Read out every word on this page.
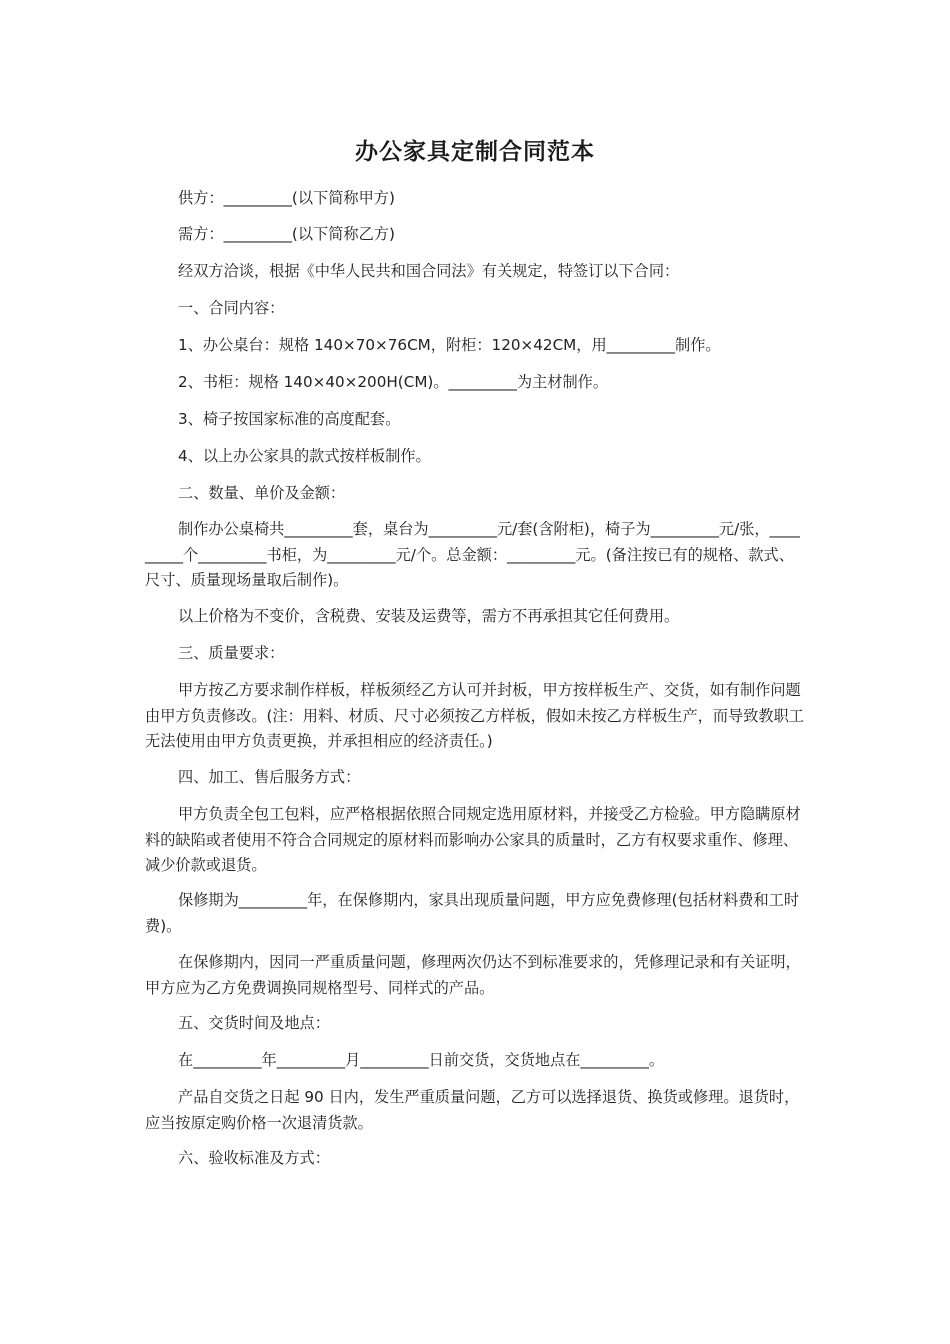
办公家具定制合同范本

供方：_________(以下简称甲方)

需方：_________(以下简称乙方)

经双方洽谈，根据《中华人民共和国合同法》有关规定，特签订以下合同：

一、合同内容：

1、办公桌台：规格 140×70×76CM，附柜：120×42CM，用_________制作。

2、书柜：规格 140×40×200H(CM)。_________为主材制作。

3、椅子按国家标准的高度配套。

4、以上办公家具的款式按样板制作。

二、数量、单价及金额：

制作办公桌椅共_________套，桌台为_________元/套(含附柜)，椅子为_________元/张，_________个_________书柜，为_________元/个。总金额：_________元。(备注按已有的规格、款式、尺寸、质量现场量取后制作)。

以上价格为不变价，含税费、安装及运费等，需方不再承担其它任何费用。

三、质量要求：

甲方按乙方要求制作样板，样板须经乙方认可并封板，甲方按样板生产、交货，如有制作问题由甲方负责修改。(注：用料、材质、尺寸必须按乙方样板，假如未按乙方样板生产，而导致教职工无法使用由甲方负责更换，并承担相应的经济责任。)

四、加工、售后服务方式：

甲方负责全包工包料，应严格根据依照合同规定选用原材料，并接受乙方检验。甲方隐瞒原材料的缺陷或者使用不符合合同规定的原材料而影响办公家具的质量时，乙方有权要求重作、修理、减少价款或退货。

保修期为_________年，在保修期内，家具出现质量问题，甲方应免费修理(包括材料费和工时费)。

在保修期内，因同一严重质量问题，修理两次仍达不到标准要求的，凭修理记录和有关证明，甲方应为乙方免费调换同规格型号、同样式的产品。

五、交货时间及地点：

在_________年_________月_________日前交货，交货地点在_________。

产品自交货之日起 90 日内，发生严重质量问题，乙方可以选择退货、换货或修理。退货时，应当按原定购价格一次退清货款。

六、验收标准及方式：
